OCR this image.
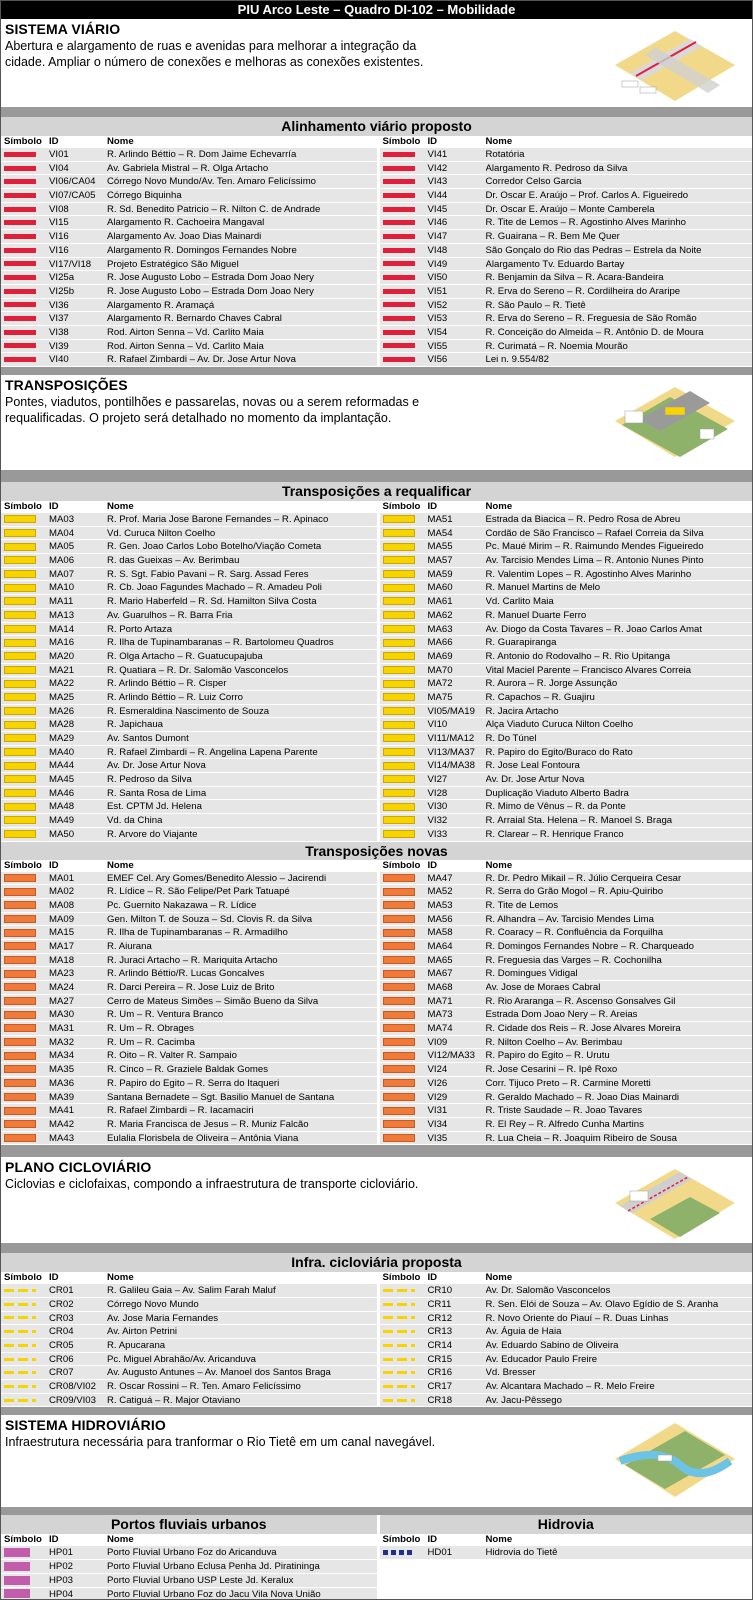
PIU Arco Leste – Quadro DI-102 – Mobilidade
SISTEMA VIÁRIO

Abertura e alargamento de ruas e avenidas para melhorar a integração da cidade. Ampliar o número de conexões e melhoras as conexões existentes.

Alinhamento viário proposto
Símbolo ID	Nome
VI01	R. Arlindo Béttio – R. Dom Jaime Echevarría
VI04	Av. Gabriela Mistral – R. Olga Artacho
VI06/CA04	Córrego Novo Mundo/Av. Ten. Amaro Felicíssimo
VI07/CA05	Córrego Biquinha
VI08	R. Sd. Benedito Patricio – R. Nilton C. de Andrade
VI15	Alargamento R. Cachoeira Mangaval
VI16	Alargamento Av. Joao Dias Mainardi
VI16	Alargamento R. Domingos Fernandes Nobre
VI17/VI18	Projeto Estratégico São Miguel
VI25a	R. Jose Augusto Lobo – Estrada Dom Joao Nery
VI25b	R. Jose Augusto Lobo – Estrada Dom Joao Nery
VI36	Alargamento R. Aramaçá
VI37	Alargamento R. Bernardo Chaves Cabral
VI38	Rod. Airton Senna – Vd. Carlito Maia
VI39	Rod. Airton Senna – Vd. Carlito Maia
VI40	R. Rafael Zimbardi – Av. Dr. Jose Artur Nova
Símbolo ID	Nome
VI41	Rotatória
VI42	Alargamento R. Pedroso da Silva
VI43	Corredor Celso Garcia
VI44	Dr. Oscar E. Araújo – Prof. Carlos A. Figueiredo
VI45	Dr. Oscar E. Araújo – Monte Camberela
VI46	R. Tite de Lemos – R. Agostinho Alves Marinho
VI47	R. Guairana – R. Bem Me Quer
VI48	São Gonçalo do Rio das Pedras – Estrela da Noite
VI49	Alargamento Tv. Eduardo Bartay
VI50	R. Benjamin da Silva – R. Acara-Bandeira
VI51	R. Erva do Sereno – R. Cordilheira do Araripe
VI52	R. São Paulo – R. Tietê
VI53	R. Erva do Sereno – R. Freguesia de São Romão
VI54	R. Conceição do Almeida – R. Antônio D. de Moura
VI55	R. Curimatá – R. Noemia Mourão
VI56	Lei n. 9.554/82
TRANSPOSIÇÕES

Pontes, viadutos, pontilhões e passarelas, novas ou a serem reformadas e requalificadas. O projeto será detalhado no momento da implantação.

Transposições a requalificar
Símbolo ID	Nome
MA03	R. Prof. Maria Jose Barone Fernandes – R. Apinaco
MA04	Vd. Curuca Nilton Coelho
MA05	R. Gen. Joao Carlos Lobo Botelho/Viação Cometa
MA06	R. das Gueixas – Av. Berimbau
MA07	R. S. Sgt. Fabio Pavani – R. Sarg. Assad Feres
MA10	R. Cb. Joao Fagundes Machado – R. Amadeu Poli
MA11	R. Mario Haberfeld – R. Sd. Hamilton Silva Costa
MA13	Av. Guarulhos – R. Barra Fria
MA14	R. Porto Artaza
MA16	R. Ilha de Tupinambaranas – R. Bartolomeu Quadros
MA20	R. Olga Artacho – R. Guatucupajuba
MA21	R. Quatiara – R. Dr. Salomão Vasconcelos
MA22	R. Arlindo Béttio – R. Cisper
MA25	R. Arlindo Béttio – R. Luiz Corro
MA26	R. Esmeraldina Nascimento de Souza
MA28	R. Japichaua
MA29	Av. Santos Dumont
MA40	R. Rafael Zimbardi – R. Angelina Lapena Parente
MA44	Av. Dr. Jose Artur Nova
MA45	R. Pedroso da Silva
MA46	R. Santa Rosa de Lima
MA48	Est. CPTM Jd. Helena
MA49	Vd. da China
MA50	R. Arvore do Viajante
Símbolo ID	Nome
MA51	Estrada da Biacica – R. Pedro Rosa de Abreu
MA54	Cordão de São Francisco – Rafael Correia da Silva
MA55	Pc. Maué Mirim – R. Raimundo Mendes Figueiredo
MA57	Av. Tarcisio Mendes Lima – R. Antonio Nunes Pinto
MA59	R. Valentim Lopes – R. Agostinho Alves Marinho
MA60	R. Manuel Martins de Melo
MA61	Vd. Carlito Maia
MA62	R. Manuel Duarte Ferro
MA63	Av. Diogo da Costa Tavares – R. Joao Carlos Amat
MA66	R. Guarapiranga
MA69	R. Antonio do Rodovalho – R. Rio Upitanga
MA70	Vital Maciel Parente – Francisco Alvares Correia
MA72	R. Aurora – R. Jorge Assunção
MA75	R. Capachos – R. Guajiru
VI05/MA19	R. Jacira Artacho
VI10	Alça Viaduto Curuca Nilton Coelho
VI11/MA12	R. Do Túnel
VI13/MA37	R. Papiro do Egito/Buraco do Rato
VI14/MA38	R. Jose Leal Fontoura
VI27	Av. Dr. Jose Artur Nova
VI28	Duplicação Viaduto Alberto Badra
VI30	R. Mimo de Vênus – R. da Ponte
VI32	R. Arraial Sta. Helena – R. Manoel S. Braga
VI33	R. Clarear – R. Henrique Franco
Transposições novas
Símbolo ID	Nome
MA01	EMEF Cel. Ary Gomes/Benedito Alessio – Jacirendi
MA02	R. Lídice – R. São Felipe/Pet Park Tatuapé
MA08	Pc. Guernito Nakazawa – R. Lídice
MA09	Gen. Milton T. de Souza – Sd. Clovis R. da Silva
MA15	R. Ilha de Tupinambaranas – R. Armadilho
MA17	R. Aiurana
MA18	R. Juraci Artacho – R. Mariquita Artacho
MA23	R. Arlindo Béttio/R. Lucas Goncalves
MA24	R. Darci Pereira – R. Jose Luiz de Brito
MA27	Cerro de Mateus Simões – Simão Bueno da Silva
MA30	R. Um – R. Ventura Branco
MA31	R. Um – R. Obrages
MA32	R. Um – R. Cacimba
MA34	R. Oito – R. Valter R. Sampaio
MA35	R. Cinco – R. Graziele Baldak Gomes
MA36	R. Papiro do Egito – R. Serra do Itaqueri
MA39	Santana Bernadete – Sgt. Basilio Manuel de Santana
MA41	R. Rafael Zimbardi – R. Iacamaciri
MA42	R. Maria Francisca de Jesus – R. Muniz Falcão
MA43	Eulalia Florisbela de Oliveira – Antônia Viana
Símbolo ID	Nome
MA47	R. Dr. Pedro Mikail – R. Júlio Cerqueira Cesar
MA52	R. Serra do Grão Mogol – R. Apiu-Quiribo
MA53	R. Tite de Lemos
MA56	R. Alhandra – Av. Tarcisio Mendes Lima
MA58	R. Coaracy – R. Confluência da Forquilha
MA64	R. Domingos Fernandes Nobre – R. Charqueado
MA65	R. Freguesia das Varges – R. Cochonilha
MA67	R. Domingues Vidigal
MA68	Av. Jose de Moraes Cabral
MA71	R. Rio Araranga – R. Ascenso Gonsalves Gil
MA73	Estrada Dom Joao Nery – R. Areias
MA74	R. Cidade dos Reis – R. Jose Alvares Moreira
VI09	R. Nilton Coelho – Av. Berimbau
VI12/MA33	R. Papiro do Egito – R. Urutu
VI24	R. Jose Cesarini – R. Ipê Roxo
VI26	Corr. Tijuco Preto – R. Carmine Moretti
VI29	R. Geraldo Machado – R. Joao Dias Mainardi
VI31	R. Triste Saudade – R. Joao Tavares
VI34	R. El Rey – R. Alfredo Cunha Martins
VI35	R. Lua Cheia – R. Joaquim Ribeiro de Sousa
PLANO CICLOVIÁRIO

Ciclovias e ciclofaixas, compondo a infraestrutura de transporte cicloviário.

Infra. cicloviária proposta
Símbolo ID	Nome
CR01	R. Galileu Gaia – Av. Salim Farah Maluf
CR02	Córrego Novo Mundo
CR03	Av. Jose Maria Fernandes
CR04	Av. Airton Petrini
CR05	R. Apucarana
CR06	Pc. Miguel Abrahão/Av. Aricanduva
CR07	Av. Augusto Antunes – Av. Manoel dos Santos Braga
CR08/VI02	R. Oscar Rossini – R. Ten. Amaro Felicíssimo
CR09/VI03	R. Catiguá – R. Major Otaviano
Símbolo ID	Nome
CR10	Av. Dr. Salomão Vasconcelos
CR11	R. Sen. Elói de Souza – Av. Olavo Egídio de S. Aranha
CR12	R. Novo Oriente do Piauí – R. Duas Linhas
CR13	Av. Águia de Haia
CR14	Av. Eduardo Sabino de Oliveira
CR15	Av. Educador Paulo Freire
CR16	Vd. Bresser
CR17	Av. Alcantara Machado – R. Melo Freire
CR18	Av. Jacu-Pêssego
SISTEMA HIDROVIÁRIO

Infraestrutura necessária para tranformar o Rio Tietê em um canal navegável.

Portos fluviais urbanos	Hidrovia
Símbolo ID	Nome
HP01	Porto Fluvial Urbano Foz do Aricanduva
HP02	Porto Fluvial Urbano Eclusa Penha Jd. Piratininga
HP03	Porto Fluvial Urbano USP Leste Jd. Keralux
HP04	Porto Fluvial Urbano Foz do Jacu Vila Nova União
Símbolo ID	Nome
HD01	Hidrovia do Tietê
